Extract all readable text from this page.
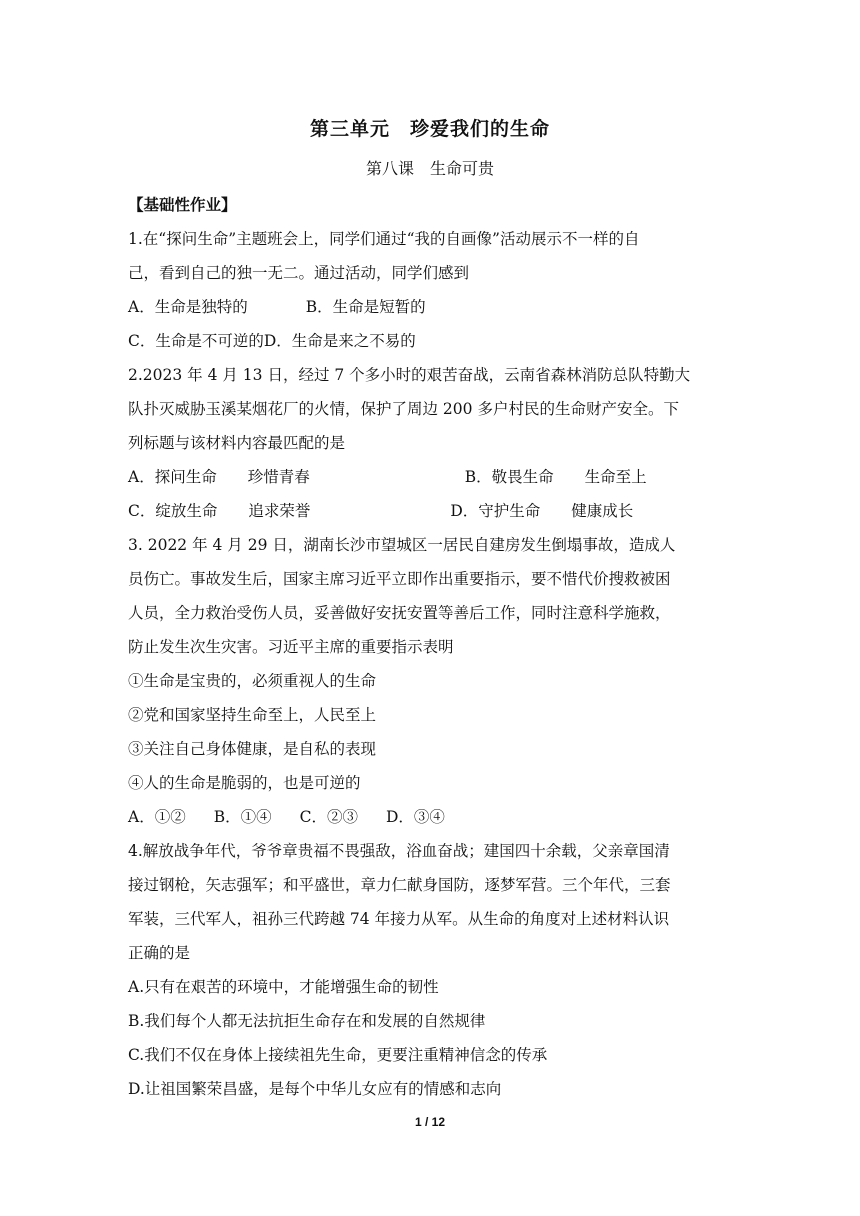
第三单元　珍爱我们的生命
第八课　生命可贵
【基础性作业】
1.在“探问生命”主题班会上，同学们通过“我的自画像”活动展示不一样的自
己，看到自己的独一无二。通过活动，同学们感到
A．生命是独特的	B．生命是短暂的
C．生命是不可逆的D．生命是来之不易的
2.2023 年 4 月 13 日，经过 7 个多小时的艰苦奋战，云南省森林消防总队特勤大
队扑灭威胁玉溪某烟花厂的火情，保护了周边 200 多户村民的生命财产安全。下
列标题与该材料内容最匹配的是
A．探问生命　　珍惜青春	B．敬畏生命　　生命至上
C．绽放生命　　追求荣誉	D．守护生命　　健康成长
3. 2022 年 4 月 29 日，湖南长沙市望城区一居民自建房发生倒塌事故，造成人
员伤亡。事故发生后，国家主席习近平立即作出重要指示，要不惜代价搜救被困
人员，全力救治受伤人员，妥善做好安抚安置等善后工作，同时注意科学施救，
防止发生次生灾害。习近平主席的重要指示表明
①生命是宝贵的，必须重视人的生命
②党和国家坚持生命至上，人民至上
③关注自己身体健康，是自私的表现
④人的生命是脆弱的，也是可逆的
A．①② B．①④ C．②③ D．③④
4.解放战争年代，爷爷章贵福不畏强敌，浴血奋战；建国四十余载，父亲章国清
接过钢枪，矢志强军；和平盛世，章力仁献身国防，逐梦军营。三个年代，三套
军装，三代军人，祖孙三代跨越 74 年接力从军。从生命的角度对上述材料认识
正确的是
A.只有在艰苦的环境中，才能增强生命的韧性
B.我们每个人都无法抗拒生命存在和发展的自然规律
C.我们不仅在身体上接续祖先生命，更要注重精神信念的传承
D.让祖国繁荣昌盛，是每个中华儿女应有的情感和志向
1 / 12
